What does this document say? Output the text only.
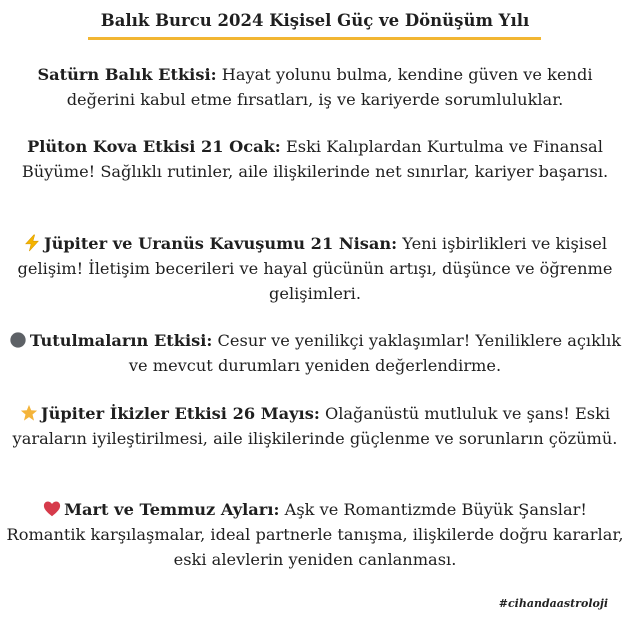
Balık Burcu 2024 Kişisel Güç ve Dönüşüm Yılı
Satürn Balık Etkisi: Hayat yolunu bulma, kendine güven ve kendi değerini kabul etme fırsatları, iş ve kariyerde sorumluluklar.
Plüton Kova Etkisi 21 Ocak: Eski Kalıplardan Kurtulma ve Finansal Büyüme! Sağlıklı rutinler, aile ilişkilerinde net sınırlar, kariyer başarısı.
Jüpiter ve Uranüs Kavuşumu 21 Nisan: Yeni işbirlikleri ve kişisel gelişim! İletişim becerileri ve hayal gücünün artışı, düşünce ve öğrenme gelişimleri.
Tutulmaların Etkisi: Cesur ve yenilikçi yaklaşımlar! Yeniliklere açıklık ve mevcut durumları yeniden değerlendirme.
Jüpiter İkizler Etkisi 26 Mayıs: Olağanüstü mutluluk ve şans! Eski yaraların iyileştirilmesi, aile ilişkilerinde güçlenme ve sorunların çözümü.
Mart ve Temmuz Ayları: Aşk ve Romantizmde Büyük Şanslar! Romantik karşılaşmalar, ideal partnerle tanışma, ilişkilerde doğru kararlar, eski alevlerin yeniden canlanması.
#cihandaastroloji
